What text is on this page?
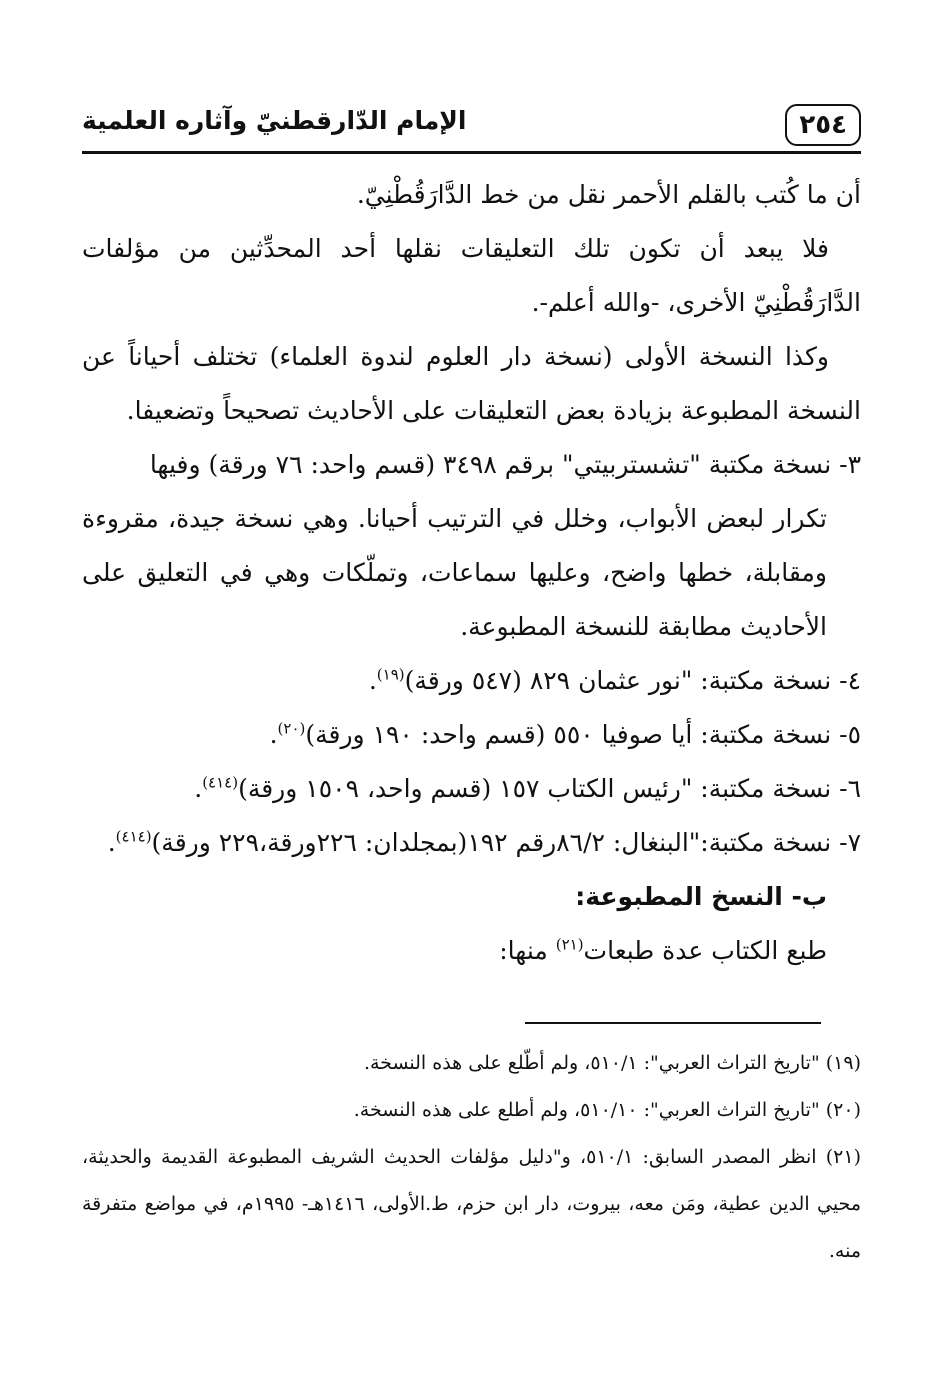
٢٥٤
الإمام الدّارقطنيّ وآثاره العلمية

أن ما كُتب بالقلم الأحمر نقل من خط الدَّارَقُطْنِيّ.

فلا يبعد أن تكون تلك التعليقات نقلها أحد المحدِّثين من مؤلفات الدَّارَقُطْنِيّ الأخرى، -والله أعلم-.

وكذا النسخة الأولى (نسخة دار العلوم لندوة العلماء) تختلف أحياناً عن النسخة المطبوعة بزيادة بعض التعليقات على الأحاديث تصحيحاً وتضعيفا.

٣- نسخة مكتبة "تشستربيتي" برقم ٣٤٩٨ (قسم واحد: ٧٦ ورقة) وفيها

تكرار لبعض الأبواب، وخلل في الترتيب أحيانا. وهي نسخة جيدة، مقروءة ومقابلة، خطها واضح، وعليها سماعات، وتملّكات وهي في التعليق على الأحاديث مطابقة للنسخة المطبوعة.

٤- نسخة مكتبة: "نور عثمان ٨٢٩ (٥٤٧ ورقة)$^{(١٩)}$.

٥- نسخة مكتبة: أيا صوفيا ٥٥٠ (قسم واحد: ١٩٠ ورقة)$^{(٢٠)}$.

٦- نسخة مكتبة: "رئيس الكتاب ١٥٧ (قسم واحد، ١٥٠٩ ورقة)$^{(٤١٤)}$.

٧- نسخة مكتبة:"البنغال: ٨٦/٢رقم ١٩٢(بمجلدان: ٢٢٦ورقة،٢٢٩ ورقة)$^{(٤١٤)}$.

ب- النسخ المطبوعة:

طبع الكتاب عدة طبعات$^{(٢١)}$ منها:

(١٩) "تاريخ التراث العربي": ٥١٠/١، ولم أطّلع على هذه النسخة.

(٢٠) "تاريخ التراث العربي": ٥١٠/١٠، ولم أطلع على هذه النسخة.

(٢١) انظر المصدر السابق: ٥١٠/١، و"دليل مؤلفات الحديث الشريف المطبوعة القديمة والحديثة، محيي الدين عطية، ومَن معه، بيروت، دار ابن حزم، ط.الأولى، ١٤١٦هـ- ١٩٩٥م، في مواضع متفرقة منه.
